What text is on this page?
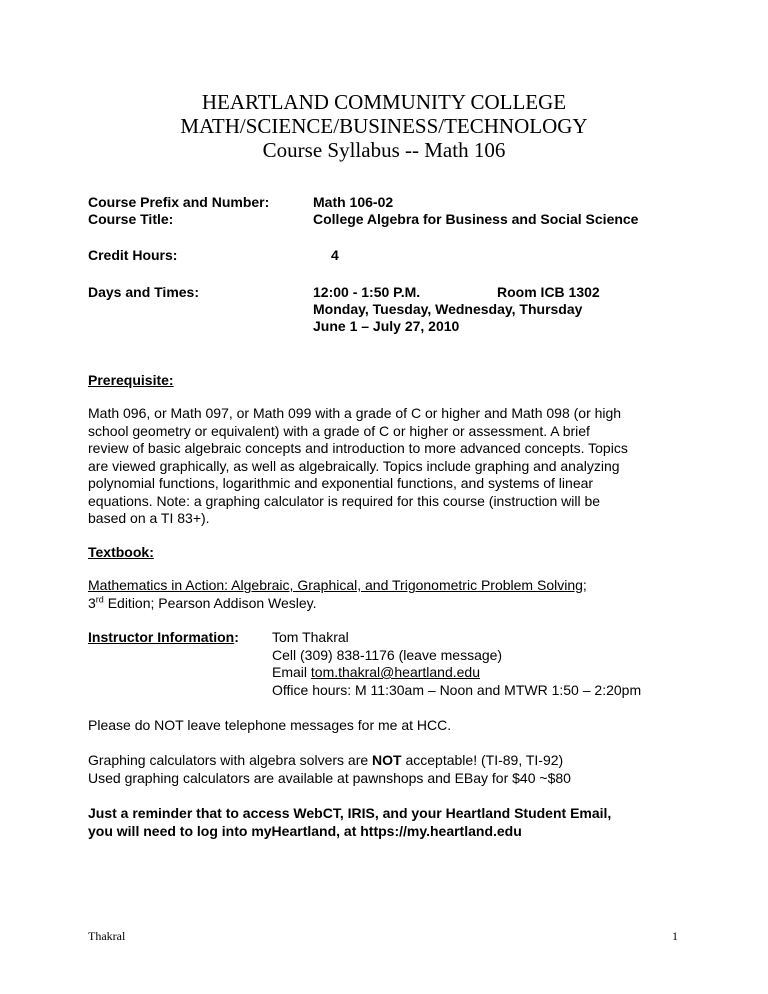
HEARTLAND COMMUNITY COLLEGE
MATH/SCIENCE/BUSINESS/TECHNOLOGY
Course Syllabus -- Math 106
Course Prefix and Number:	Math 106-02
Course Title:	College Algebra for Business and Social Science
Credit Hours:	4
Days and Times:	12:00 - 1:50 P.M.	Room ICB 1302
Monday, Tuesday, Wednesday, Thursday
June 1 – July 27, 2010
Prerequisite:
Math 096, or Math 097, or Math 099 with a grade of C or higher and Math 098 (or high
school geometry or equivalent) with a grade of C or higher or assessment. A brief
review of basic algebraic concepts and introduction to more advanced concepts. Topics
are viewed graphically, as well as algebraically. Topics include graphing and analyzing
polynomial functions, logarithmic and exponential functions, and systems of linear
equations. Note: a graphing calculator is required for this course (instruction will be
based on a TI 83+).
Textbook:
Mathematics in Action: Algebraic, Graphical, and Trigonometric Problem Solving;
3rd Edition; Pearson Addison Wesley.
Instructor Information: Tom Thakral
Cell (309) 838-1176 (leave message)
Email tom.thakral@heartland.edu
Office hours: M 11:30am – Noon and MTWR 1:50 – 2:20pm
Please do NOT leave telephone messages for me at HCC.
Graphing calculators with algebra solvers are NOT acceptable! (TI-89, TI-92)
Used graphing calculators are available at pawnshops and EBay for $40 ~$80
Just a reminder that to access WebCT, IRIS, and your Heartland Student Email,
you will need to log into myHeartland, at https://my.heartland.edu
Thakral	1
